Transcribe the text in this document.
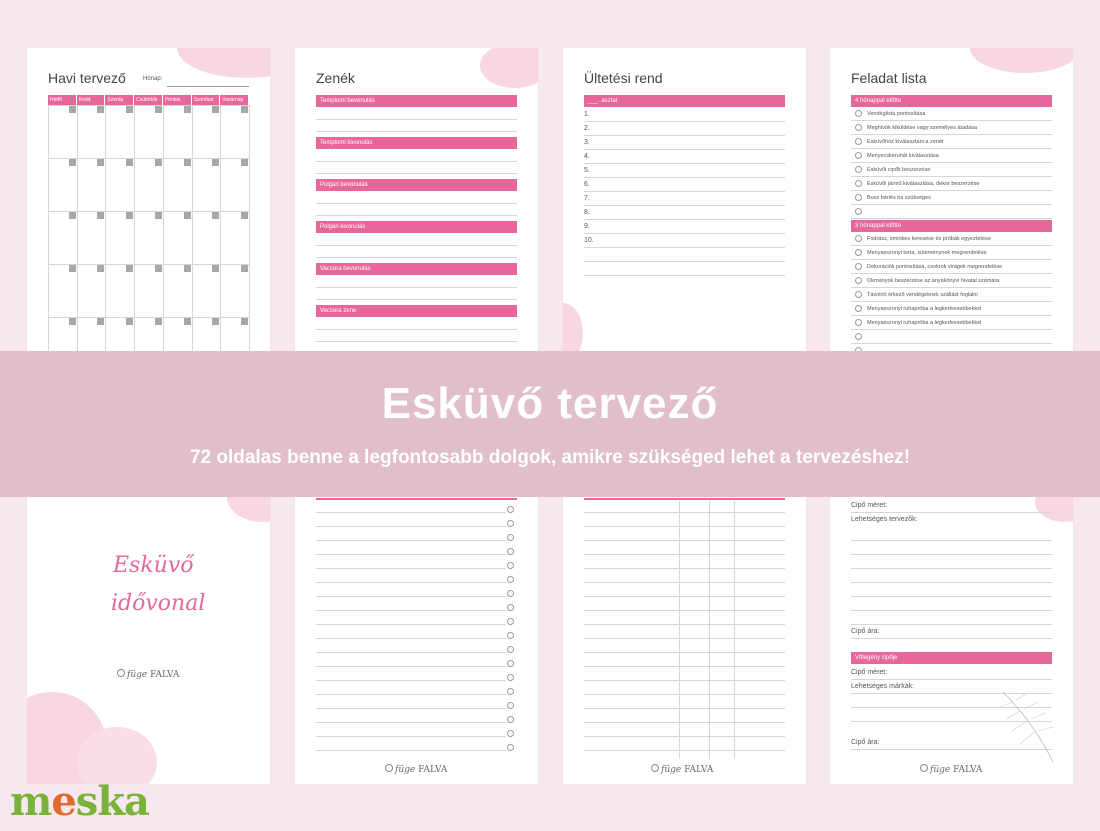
Havi tervező	Hónap:
Hétfő	Kedd	Szerda	Csütörtök	Péntek	Szombat	Vasárnap
Zenék
Templomi bevonulás
Templomi kivonulás
Polgári bevonulás
Polgári kivonulás
Vacsora bevonulás
Vacsora zene
Ültetési rend
___. asztal
1.
2.
3.
4.
5.
6.
7.
8.
9.
10.
Feladat lista
4 hónappal előtte
Vendéglista pontosítása
Meghívók kiküldése vagy személyes átadása
Esküvőhöz kiválasztani a zenét
Menyecskeruhát kiválasztása
Esküvői cipők beszerzése
Esküvői jármű kiválasztása, dekor beszerzése
Busz bérlés ha szükséges
3 hónappal előtte
Fodrász, sminkes keresése és próbák egyeztetése
Menyasszonyi torta, süteménynek megrendelése
Dekorációk pontosítása, csokrok virágok megrendelése
Okmányok beszerzése az anyakönyvi hivatal számára
Távolról érkező vendégeknek szállást foglalni
Menyasszonyi ruhapróba a legkedvesebbekkel
Menyasszonyi ruhapróba a legkedvesebbekkel
Esküvő
idővonal
füge FALVA
füge FALVA	füge FALVA
Cipő méret:
Lehetséges tervezők:
Cipő ára:
Vőlegény cipője
Cipő méret:
Lehetséges márkák:
Cipő ára:
füge FALVA
Esküvő tervező
72 oldalas benne a legfontosabb dolgok, amikre szükséged lehet a tervezéshez!
meska
